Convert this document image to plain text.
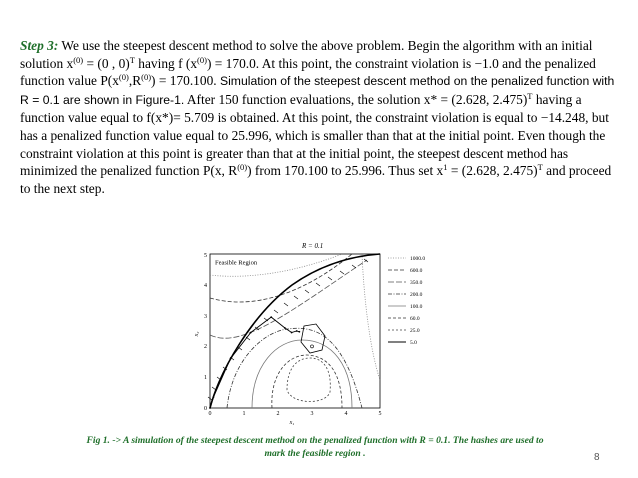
Step 3: We use the steepest descent method to solve the above problem. Begin the algorithm with an initial solution $x^{(0)} = (0$ , 0)$^T$ having f $(x^{(0)}) = 170.0$. At this point, the constraint violation is −1.0 and the penalized function value $P(x^{(0)},R^{(0)}) = 170.100$. Simulation of the steepest descent method on the penalized function with R = 0.1 are shown in Figure-1. After 150 function evaluations, the solution x* = (2.628, 2.475)$^T$ having a function value equal to f(x*)= 5.709 is obtained. At this point, the constraint violation is equal to −14.248, but has a penalized function value equal to 25.996, which is smaller than that at the initial point. Even though the constraint violation at this point is greater than that at the initial point, the steepest descent method has minimized the penalized function P(x, $R^{(0)}$) from 170.100 to 25.996. Thus set $x^1 = (2.628$, 2.475)$^T$ and proceed to the next step.

R = 0.1
Feasible Region
0	1	2	3	4	5
0
1
2
3
4
5
x₁
x₂
1000.0
600.0
350.0
200.0
100.0
60.0
25.0
5.0

Fig 1. -> A simulation of the steepest descent method on the penalized function with R = 0.1. The hashes are used to mark the feasible region .	8
